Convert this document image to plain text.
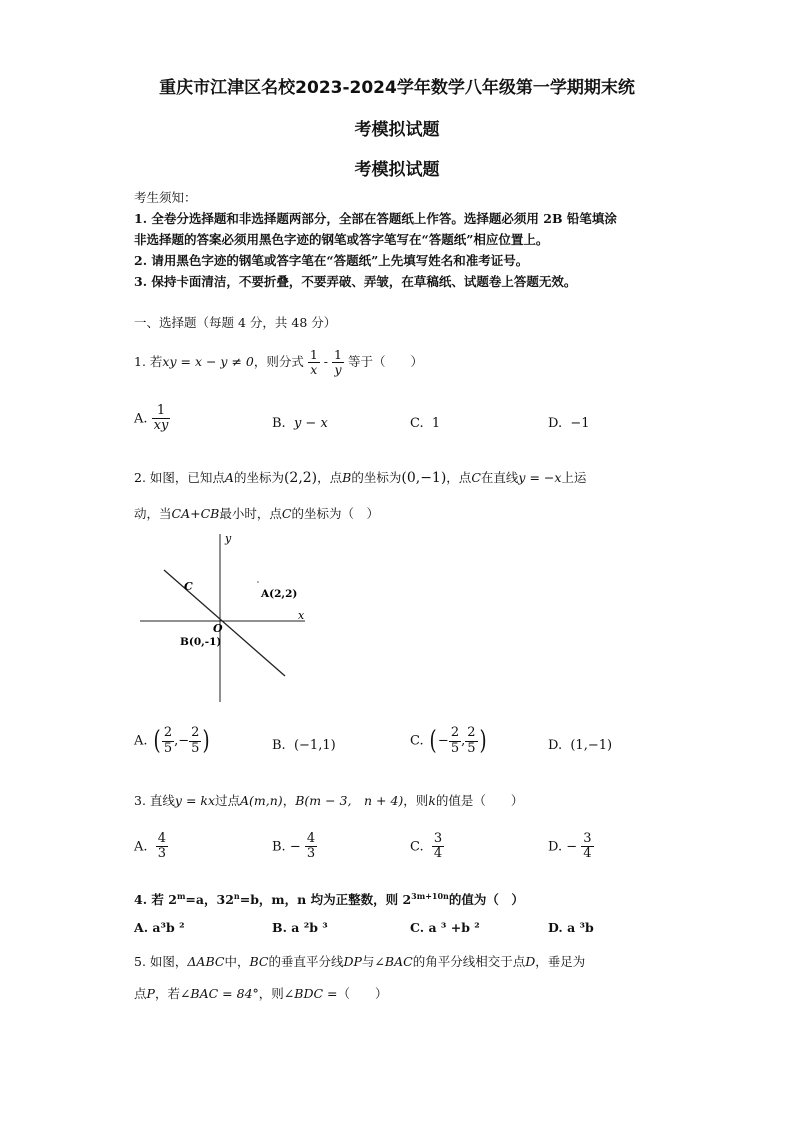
重庆市江津区名校2023-2024学年数学八年级第一学期期末统
考模拟试题
考模拟试题
考生须知：
1. 全卷分选择题和非选择题两部分，全部在答题纸上作答。选择题必须用 2B 铅笔填涂
非选择题的答案必须用黑色字迹的钢笔或答字笔写在“答题纸”相应位置上。
2. 请用黑色字迹的钢笔或答字笔在“答题纸”上先填写姓名和准考证号。
3. 保持卡面清洁，不要折叠，不要弄破、弄皱，在草稿纸、试题卷上答题无效。
一、选择题（每题 4 分，共 48 分）
1. 若xy = x − y ≠ 0，则分式 $\frac{1}{x} - \frac{1}{y}$ 等于（　　）
A. $\frac{1}{xy}$	B. y − x	C. 1	D. −1
2. 如图，已知点A的坐标为(2,2)，点B的坐标为(0,−1)，点C在直线y = −x上运
动，当CA+CB最小时，点C的坐标为（　）
y
x
O
C
A(2,2)
B(0,-1)
A. ( $\frac{2}{5}$ ,− $\frac{2}{5}$ )	B. (−1,1)	C. ( − $\frac{2}{5}$ , $\frac{2}{5}$ )	D. (1,−1)
3. 直线y = kx过点A(m,n)，B(m − 3,　n + 4)，则k的值是（　　）
A. $\frac{4}{3}$	B. − $\frac{4}{3}$	C. $\frac{3}{4}$	D. − $\frac{3}{4}$
4. 若 $2^m=a$，$32^n=b$，m，n 均为正整数，则 $2^{3m+10n}$的值为（　）
A. a³b ²	B. a ²b ³	C. a ³ +b ²	D. a ³b
5. 如图，ΔABC中，BC的垂直平分线DP与∠BAC的角平分线相交于点D，垂足为
点P，若∠BAC = 84°，则∠BDC =（　　）
